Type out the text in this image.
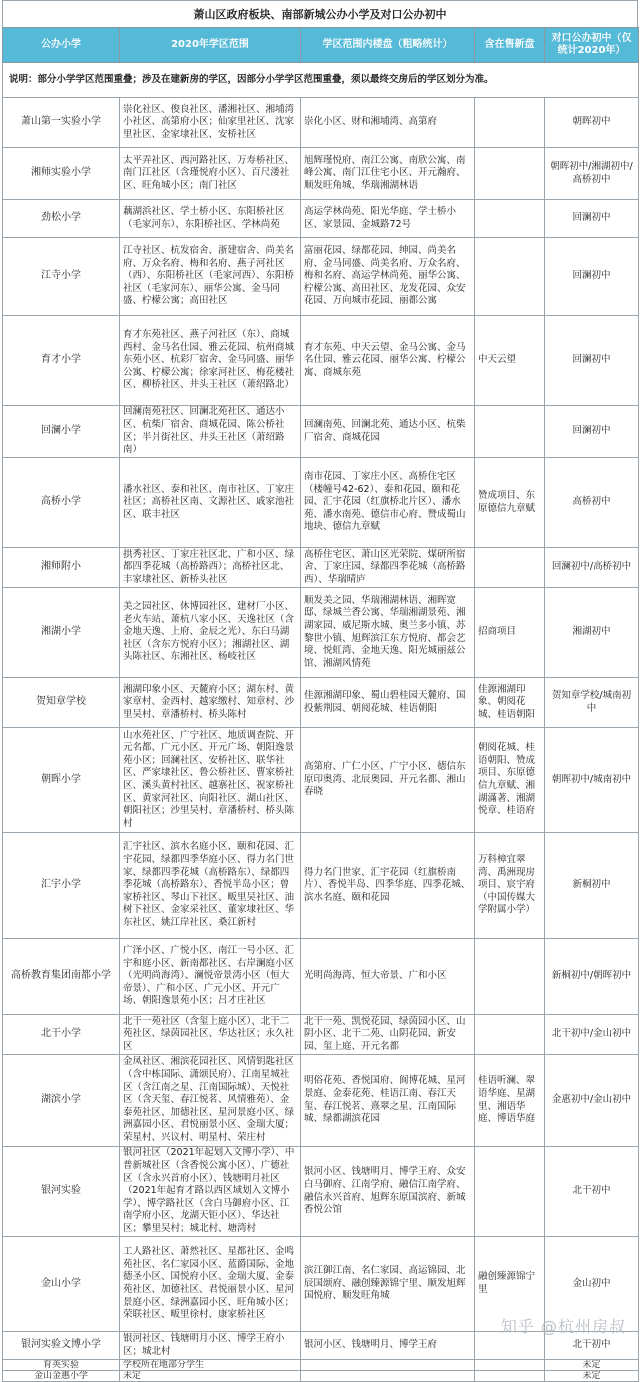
萧山区政府板块、南部新城公办小学及对口公办初中
公办小学	2020年学区范围	学区范围内楼盘（粗略统计）	含在售新盘	对口公办初中（仅统计2020年）
说明：部分小学学区范围重叠；涉及在建新房的学区，因部分小学学区范围重叠，须以最终交房后的学区划分为准。				
萧山第一实验小学	崇化社区、俊良社区、潘湘社区、湘埔湾小社区、高第府小区；仙家里社区、沈家里社区、金家埭社区、安桥社区	崇化小区、财和湘埔湾、高第府		朝晖初中
湘师实验小学	太平弄社区、西河路社区、万寿桥社区、南门江社区（含瑾悦府小区）、百尺溇社区、旺角城小区；南门社区	旭辉瑾悦府、南江公寓、南欣公寓、南峰公寓、南门江住宅小区、开元瀚府、顺发旺角城、华瑞湘湖林语		朝晖初中/湘湖初中/高桥初中
劲松小学	藕湖浜社区、学士桥小区、东阳桥社区（毛家河东）、东阳桥社区、学林尚苑	高运学林尚苑、阳光华庭、学士桥小区、家景园、金城路72号		回澜初中
江寺小学	江寺社区、杭发宿舍、浙建宿舍、尚美名府、万众名府、梅和名府、燕子河社区（西）、东阳桥社区（毛家河西）、东阳桥社区（毛家河东）、丽华公寓、金马同盛、柠檬公寓；高田社区	富丽花园、绿都花园、绅园、尚美名府、金马同盛、尚美名府、万众名府、梅和名府、高运学林尚苑、丽华公寓、柠檬公寓、高田社区、龙发花园、众安花园、万向城市花园、丽都公寓		回澜初中
育才小学	育才东苑社区、燕子河社区（东）、商城西村、金马名仕园、雅云花园、杭州商城东苑小区、杭彩厂宿舍、金马同盛、丽华公寓、柠檬公寓；徐家河社区、梅花楼社区、柳桥社区、井头王社区（萧绍路北）	育才东苑、中天云望、金马公寓、金马名仕园、雅云花园、丽华公寓、柠檬公寓、商城东苑	中天云望	回澜初中
回澜小学	回澜南苑社区、回澜北苑社区、通达小区、杭柴厂宿舍、商城花园、陈公桥社区；半爿街社区、井头王社区（萧绍路南）	回澜南苑、回澜北苑、通达小区、杭柴厂宿舍、商城花园		回澜初中
高桥小学	潘水社区、泰和社区、南市社区、丁家庄社区；高桥社区南、文源社区、戚家池社区、联丰社区	南市花园、丁家庄小区、高桥住宅区（楼幢号42-62）、泰和花园、颐和花园、汇宇花园（红旗桥北片区）、潘水苑、潘水南苑、德信市心府、赞成蜀山地块、德信九章赋	赞成项目、东原德信九章赋	高桥初中
湘师附小	拱秀社区、丁家庄社区北、广和小区、绿都四季花城（高桥路西）；高桥社区北、丰家埭社区、新桥头社区	高桥住宅区、萧山区光荣院、煤研所宿舍、丁家庄园、绿都四季花城（高桥路西）、华瑞晴庐		回澜初中/高桥初中
湘湖小学	美之园社区、休博园社区、建材厂小区、老火车站、萧杭八家小区、天逸社区（含金地天逸、上府、金辰之光）、东臼马湖社区（含东方悦府小区）；湘湖社区、湖头陈社区、东湘社区、杨岐社区	顺发美之园、华瑞湘湖林语、湘晖宽邸、绿城兰香公寓、华瑞湘湖景苑、湘湖家园、威尼斯水城、奥兰多小镇、苏黎世小镇、旭辉滨江东方悦府、都会艺境、悦虹湾、金地天逸、阳光城丽兹公馆、湘湖风情苑	招商项目	湘湖初中
贺知章学校	湘湖印象小区、天麓府小区；湖东村、黄家章村、金西村、越家缴村、知章村、沙里吴村、章潘桥村、桥头陈村	佳源湘湖印象、蜀山碧桂园天麓府、国投紫荆园、朝阅花城、桂语朝阳	佳源湘湖印象、朝阅花城、桂语朝阳	贺知章学校/城南初中
朝晖小学	山水苑社区、广宁社区、地质调查院、开元名都、广元小区、开元广场、朝阳逸景苑小区；回澜社区、安桥社区、联华社区、严家埭社区、鲁公桥社区、曹家桥社区、溪头黄村社区、越寨社区、祝家桥社区、黄家河社区、向阳社区、湖山社区、朝阳社区；沙里吴村、章潘桥村、桥头陈村	高第府、广仁小区、广宁小区、德信东原印奥湾、北辰奥园、开元名都、湘山春晓	朝阅花城、桂语朝阳、赞成项目、东原德信九章赋、湘湖滿著、湘湖悦章、桂语府	朝晖初中/城南初中
汇宇小学	汇宇社区、滨水名庭小区、颐和花园、汇宇花园、绿都四季华庭小区、得力名门世家、绿都四季花城（高桥路东）、绿都四季花城（高桥路东）、香悦半岛小区；曾家桥社区、琴山下社区、畈里吴社区、油树下社区、金家采社区、董家埭社区、华东社区、姚江岸社区、桑江新村	得力名门世家、汇宇花园（红旗桥南片）、香悦半岛、四季华庭、四季花城、滨水名庭、颐和花园	万科樟宜翠湾、禹洲现房项目、宸宇府（中国传媒大学附属小学）	新桐初中
高桥教育集团南都小学	广泽小区、广悦小区、南江一号小区、汇宇和庭小区、新南都社区、右岸澜庭小区（光明尚海湾）、澜悦帝景湾小区（恒大帝景）、广和小区、广元小区、开元广场、朝阳逸景苑小区；吕才庄社区	光明尚海湾、恒大帝景、广和小区		新桐初中/朝晖初中
北干小学	北干一苑社区（含玺上庭小区）、北干二苑社区、绿茵园社区、华达社区；永久社区	北干一苑、凯悦花园、绿茵园小区、山阴小区、北干二苑、山阴花园、新安园、玺上庭、开元名都		北干初中/金山初中
湖滨小学	金凤社区、湘滨花园社区、风情钥匙社区（含中栋国际、潇颂民府）、江南星城社区（含江南之星、江南国际城）、天悦社区（含天玺、春江悦茗、风情雅苑）、金泰苑社区、加德社区、星河景庭小区、绿洲嘉园小区、君悦丽景小区、金瑞大厦；荣星村、兴议村、明星村、荣庄村	明俗花苑、香悦国府、阆博花城、星河景庭、金泰花苑、桂语江南、春江天玺、春江悦茗、熹翠之星、江南国际城、绿都湖滨花园	桂语听澜、翠语华庭、星湖里、湘语华庭、博语华庭	金惠初中/金山初中
银河实验	银河社区（2021年起划入文博小学）、中普新城社区（含香悦公寓小区）、广德社区（含永兴首府小区）、钱塘明月社区（2021年起育才路以西区域划入文博小学）、博学路社区（含白马御府小区、江南学府小区、龙湖天钜小区）、华达社区；攀里吴村；城北村、塘湾村	银河小区、钱塘明月、博学王府、众安白马御府、江南学府、融信江南学府、融信永兴首府、旭辉东原国滨府、新城香悦公馆		北干初中
金山小学	工人路社区、萧然社区、星都社区、金鸣苑社区、名仁家园小区、蓝爵国际、金地德圣小区、国悦府小区、金瑞大厦、金泰苑社区、加德社区、君悦丽景小区、星河景庭小区、绿洲嘉园小区、旺角城小区；荣联社区、畈里徐村、康家桥社区	滨江御江南、名仁家园、高运锦园、北辰国颂府、融创臻源锦宁里、顺发旭辉国悦府、顺发旺角城	融创臻源锦宁里	金山初中
银河实验文博小学	银河社区、钱塘明月小区、博学王府小区；城北村	银河小区、钱塘明月、博学王府		北干初中
育英实验	学校所在地部分学生			未定
金山金惠小学	未定			未定
知乎 @杭州房叔
